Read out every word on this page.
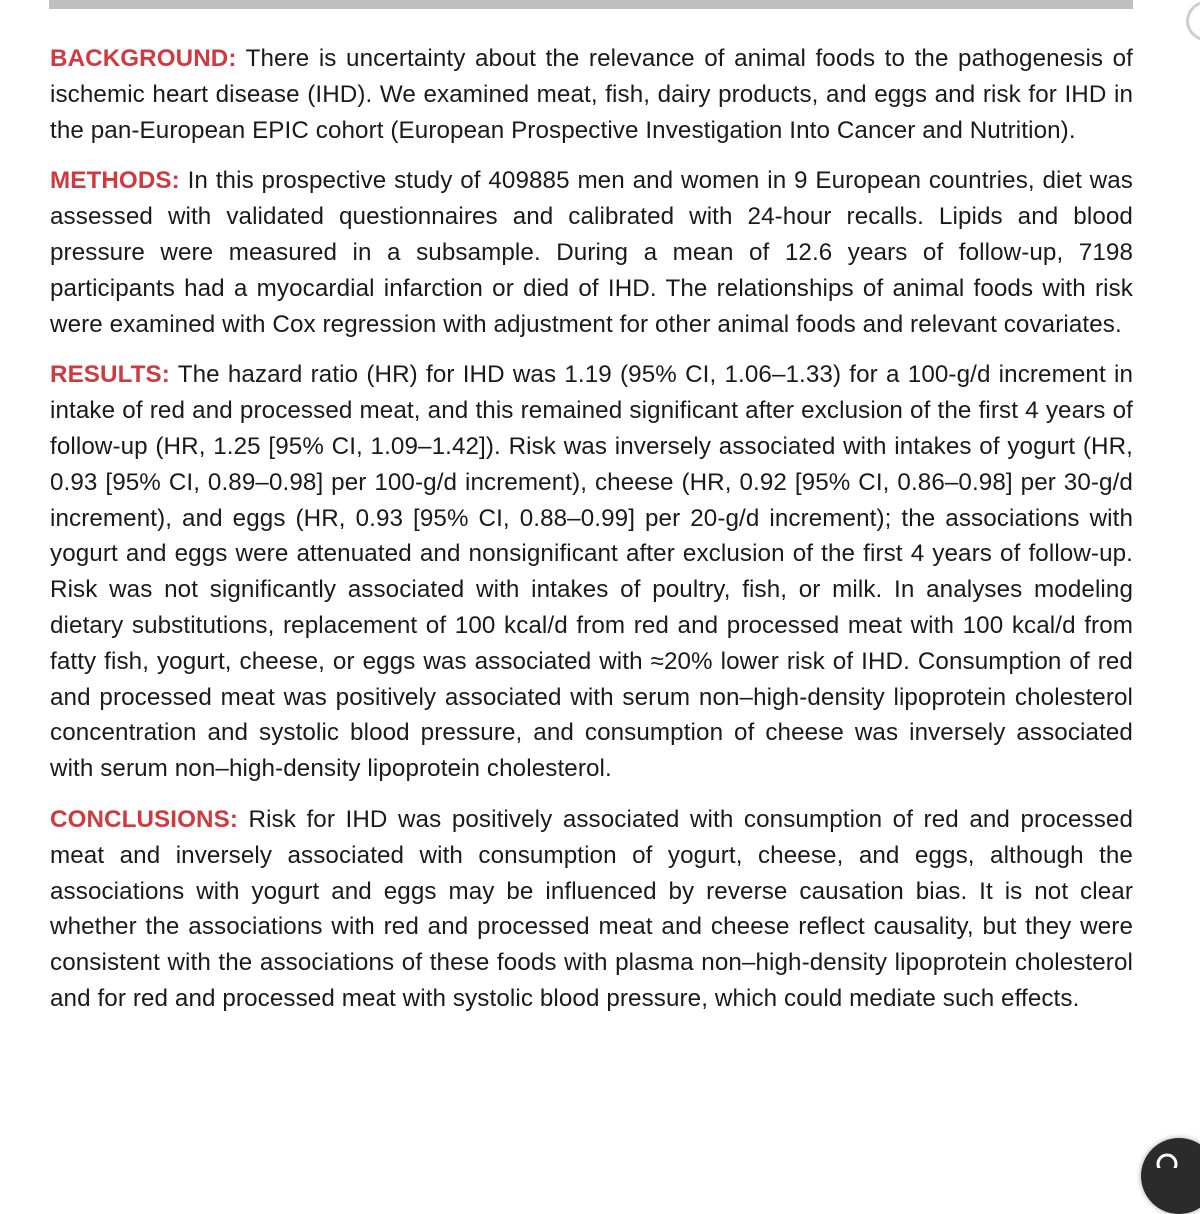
BACKGROUND: There is uncertainty about the relevance of animal foods to the pathogenesis of ischemic heart disease (IHD). We examined meat, fish, dairy products, and eggs and risk for IHD in the pan-European EPIC cohort (European Prospective Investigation Into Cancer and Nutrition).

METHODS: In this prospective study of 409885 men and women in 9 European countries, diet was assessed with validated questionnaires and calibrated with 24-hour recalls. Lipids and blood pressure were measured in a subsample. During a mean of 12.6 years of follow-up, 7198 participants had a myocardial infarction or died of IHD. The relationships of animal foods with risk were examined with Cox regression with adjustment for other animal foods and relevant covariates.

RESULTS: The hazard ratio (HR) for IHD was 1.19 (95% CI, 1.06–1.33) for a 100-g/d increment in intake of red and processed meat, and this remained significant after exclusion of the first 4 years of follow-up (HR, 1.25 [95% CI, 1.09–1.42]). Risk was inversely associated with intakes of yogurt (HR, 0.93 [95% CI, 0.89–0.98] per 100-g/d increment), cheese (HR, 0.92 [95% CI, 0.86–0.98] per 30-g/d increment), and eggs (HR, 0.93 [95% CI, 0.88–0.99] per 20-g/d increment); the associations with yogurt and eggs were attenuated and nonsignificant after exclusion of the first 4 years of follow-up. Risk was not significantly associated with intakes of poultry, fish, or milk. In analyses modeling dietary substitutions, replacement of 100 kcal/d from red and processed meat with 100 kcal/d from fatty fish, yogurt, cheese, or eggs was associated with ≈20% lower risk of IHD. Consumption of red and processed meat was positively associated with serum non–high-density lipoprotein cholesterol concentration and systolic blood pressure, and consumption of cheese was inversely associated with serum non–high-density lipoprotein cholesterol.

CONCLUSIONS: Risk for IHD was positively associated with consumption of red and processed meat and inversely associated with consumption of yogurt, cheese, and eggs, although the associations with yogurt and eggs may be influenced by reverse causation bias. It is not clear whether the associations with red and processed meat and cheese reflect causality, but they were consistent with the associations of these foods with plasma non–high-density lipoprotein cholesterol and for red and processed meat with systolic blood pressure, which could mediate such effects.
